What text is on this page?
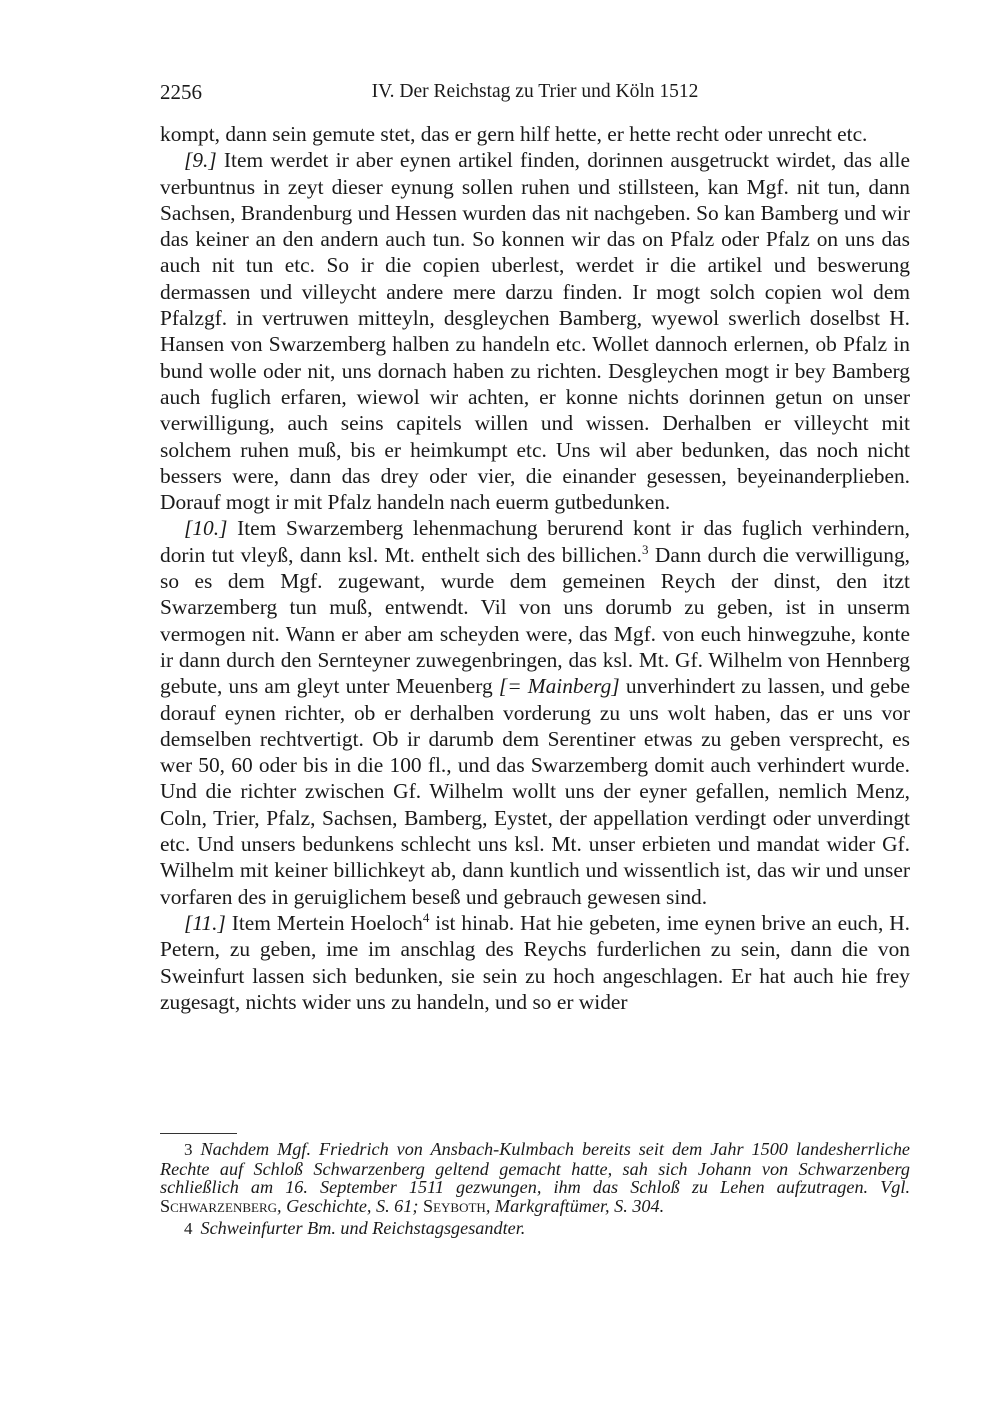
2256	IV. Der Reichstag zu Trier und Köln 1512

kompt, dann sein gemute stet, das er gern hilf hette, er hette recht oder unrecht etc.

[9.] Item werdet ir aber eynen artikel finden, dorinnen ausgetruckt wirdet, das alle verbuntnus in zeyt dieser eynung sollen ruhen und stillsteen, kan Mgf. nit tun, dann Sachsen, Brandenburg und Hessen wurden das nit nachgeben. So kan Bamberg und wir das keiner an den andern auch tun. So konnen wir das on Pfalz oder Pfalz on uns das auch nit tun etc. So ir die copien uberlest, werdet ir die artikel und beswerung dermassen und villeycht andere mere darzu finden. Ir mogt solch copien wol dem Pfalzgf. in vertruwen mitteyln, desgleychen Bamberg, wyewol swerlich doselbst H. Hansen von Swarzemberg halben zu handeln etc. Wollet dannoch erlernen, ob Pfalz in bund wolle oder nit, uns dornach haben zu richten. Desgleychen mogt ir bey Bamberg auch fuglich erfaren, wiewol wir achten, er konne nichts dorinnen getun on unser verwilligung, auch seins capitels willen und wissen. Derhalben er villeycht mit solchem ruhen muß, bis er heimkumpt etc. Uns wil aber bedunken, das noch nicht bessers were, dann das drey oder vier, die einander gesessen, beyeinanderplieben. Dorauf mogt ir mit Pfalz handeln nach euerm gutbedunken.

[10.] Item Swarzemberg lehenmachung berurend kont ir das fuglich verhindern, dorin tut vleyß, dann ksl. Mt. enthelt sich des billichen.$^3$ Dann durch die verwilligung, so es dem Mgf. zugewant, wurde dem gemeinen Reych der dinst, den itzt Swarzemberg tun muß, entwendt. Vil von uns dorumb zu geben, ist in unserm vermogen nit. Wann er aber am scheyden were, das Mgf. von euch hinwegzuhe, konte ir dann durch den Sernteyner zuwegenbringen, das ksl. Mt. Gf. Wilhelm von Hennberg gebute, uns am gleyt unter Meuenberg [= Mainberg] unverhindert zu lassen, und gebe dorauf eynen richter, ob er derhalben vorderung zu uns wolt haben, das er uns vor demselben rechtvertigt. Ob ir darumb dem Serentiner etwas zu geben versprecht, es wer 50, 60 oder bis in die 100 fl., und das Swarzemberg domit auch verhindert wurde. Und die richter zwischen Gf. Wilhelm wollt uns der eyner gefallen, nemlich Menz, Coln, Trier, Pfalz, Sachsen, Bamberg, Eystet, der appellation verdingt oder unverdingt etc. Und unsers bedunkens schlecht uns ksl. Mt. unser erbieten und mandat wider Gf. Wilhelm mit keiner billichkeyt ab, dann kuntlich und wissentlich ist, das wir und unser vorfaren des in geruiglichem beseß und gebrauch gewesen sind.

[11.] Item Mertein Hoeloch$^4$ ist hinab. Hat hie gebeten, ime eynen brive an euch, H. Petern, zu geben, ime im anschlag des Reychs furderlichen zu sein, dann die von Sweinfurt lassen sich bedunken, sie sein zu hoch angeschlagen. Er hat auch hie frey zugesagt, nichts wider uns zu handeln, und so er wider

3 Nachdem Mgf. Friedrich von Ansbach-Kulmbach bereits seit dem Jahr 1500 landesherrliche Rechte auf Schloß Schwarzenberg geltend gemacht hatte, sah sich Johann von Schwarzenberg schließlich am 16. September 1511 gezwungen, ihm das Schloß zu Lehen aufzutragen. Vgl. Schwarzenberg, Geschichte, S. 61; Seyboth, Markgraftümer, S. 304.

4 Schweinfurter Bm. und Reichstagsgesandter.
